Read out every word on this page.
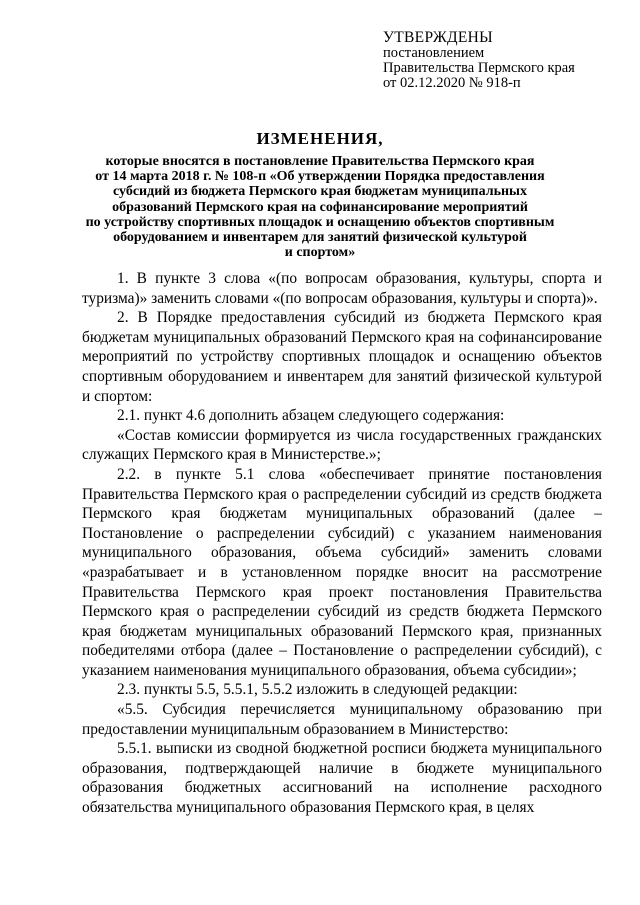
УТВЕРЖДЕНЫ
постановлением
Правительства Пермского края
от 02.12.2020 № 918-п
ИЗМЕНЕНИЯ,
которые вносятся в постановление Правительства Пермского края
от 14 марта 2018 г. № 108-п «Об утверждении Порядка предоставления
субсидий из бюджета Пермского края бюджетам муниципальных
образований Пермского края на софинансирование мероприятий
по устройству спортивных площадок и оснащению объектов спортивным
оборудованием и инвентарем для занятий физической культурой
и спортом»

1. В пункте 3 слова «(по вопросам образования, культуры, спорта и туризма)» заменить словами «(по вопросам образования, культуры и спорта)».

2. В Порядке предоставления субсидий из бюджета Пермского края бюджетам муниципальных образований Пермского края на софинансирование мероприятий по устройству спортивных площадок и оснащению объектов спортивным оборудованием и инвентарем для занятий физической культурой и спортом:

2.1. пункт 4.6 дополнить абзацем следующего содержания:

«Состав комиссии формируется из числа государственных гражданских служащих Пермского края в Министерстве.»;

2.2. в пункте 5.1 слова «обеспечивает принятие постановления Правительства Пермского края о распределении субсидий из средств бюджета Пермского края бюджетам муниципальных образований (далее – Постановление о распределении субсидий) с указанием наименования муниципального образования, объема субсидий» заменить словами «разрабатывает и в установленном порядке вносит на рассмотрение Правительства Пермского края проект постановления Правительства Пермского края о распределении субсидий из средств бюджета Пермского края бюджетам муниципальных образований Пермского края, признанных победителями отбора (далее – Постановление о распределении субсидий), с указанием наименования муниципального образования, объема субсидии»;

2.3. пункты 5.5, 5.5.1, 5.5.2 изложить в следующей редакции:

«5.5. Субсидия перечисляется муниципальному образованию при предоставлении муниципальным образованием в Министерство:

5.5.1. выписки из сводной бюджетной росписи бюджета муниципального образования, подтверждающей наличие в бюджете муниципального образования бюджетных ассигнований на исполнение расходного обязательства муниципального образования Пермского края, в целях
